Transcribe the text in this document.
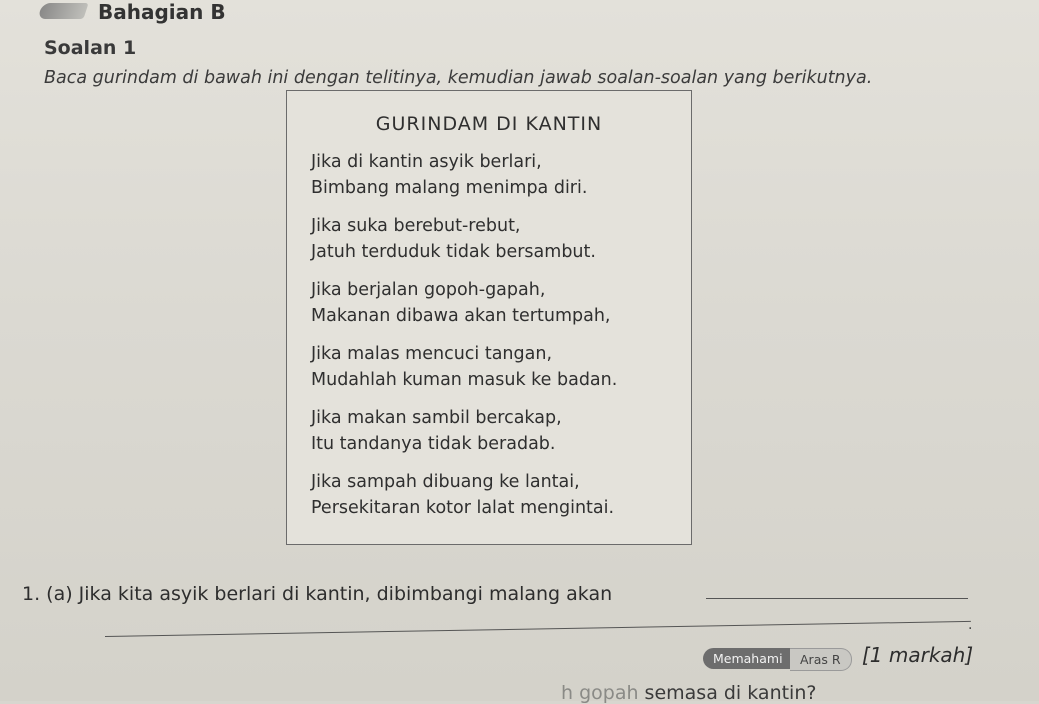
Bahagian B
Soalan 1
Baca gurindam di bawah ini dengan telitinya, kemudian jawab soalan-soalan yang berikutnya.
GURINDAM DI KANTIN
Jika di kantin asyik berlari,
Bimbang malang menimpa diri.
Jika suka berebut-rebut,
Jatuh terduduk tidak bersambut.
Jika berjalan gopoh-gapah,
Makanan dibawa akan tertumpah,
Jika malas mencuci tangan,
Mudahlah kuman masuk ke badan.
Jika makan sambil bercakap,
Itu tandanya tidak beradab.
Jika sampah dibuang ke lantai,
Persekitaran kotor lalat mengintai.
1. (a) Jika kita asyik berlari di kantin, dibimbangi malang akan
.
Memahami	Aras R	[1 markah]
h gopah semasa di kantin?
